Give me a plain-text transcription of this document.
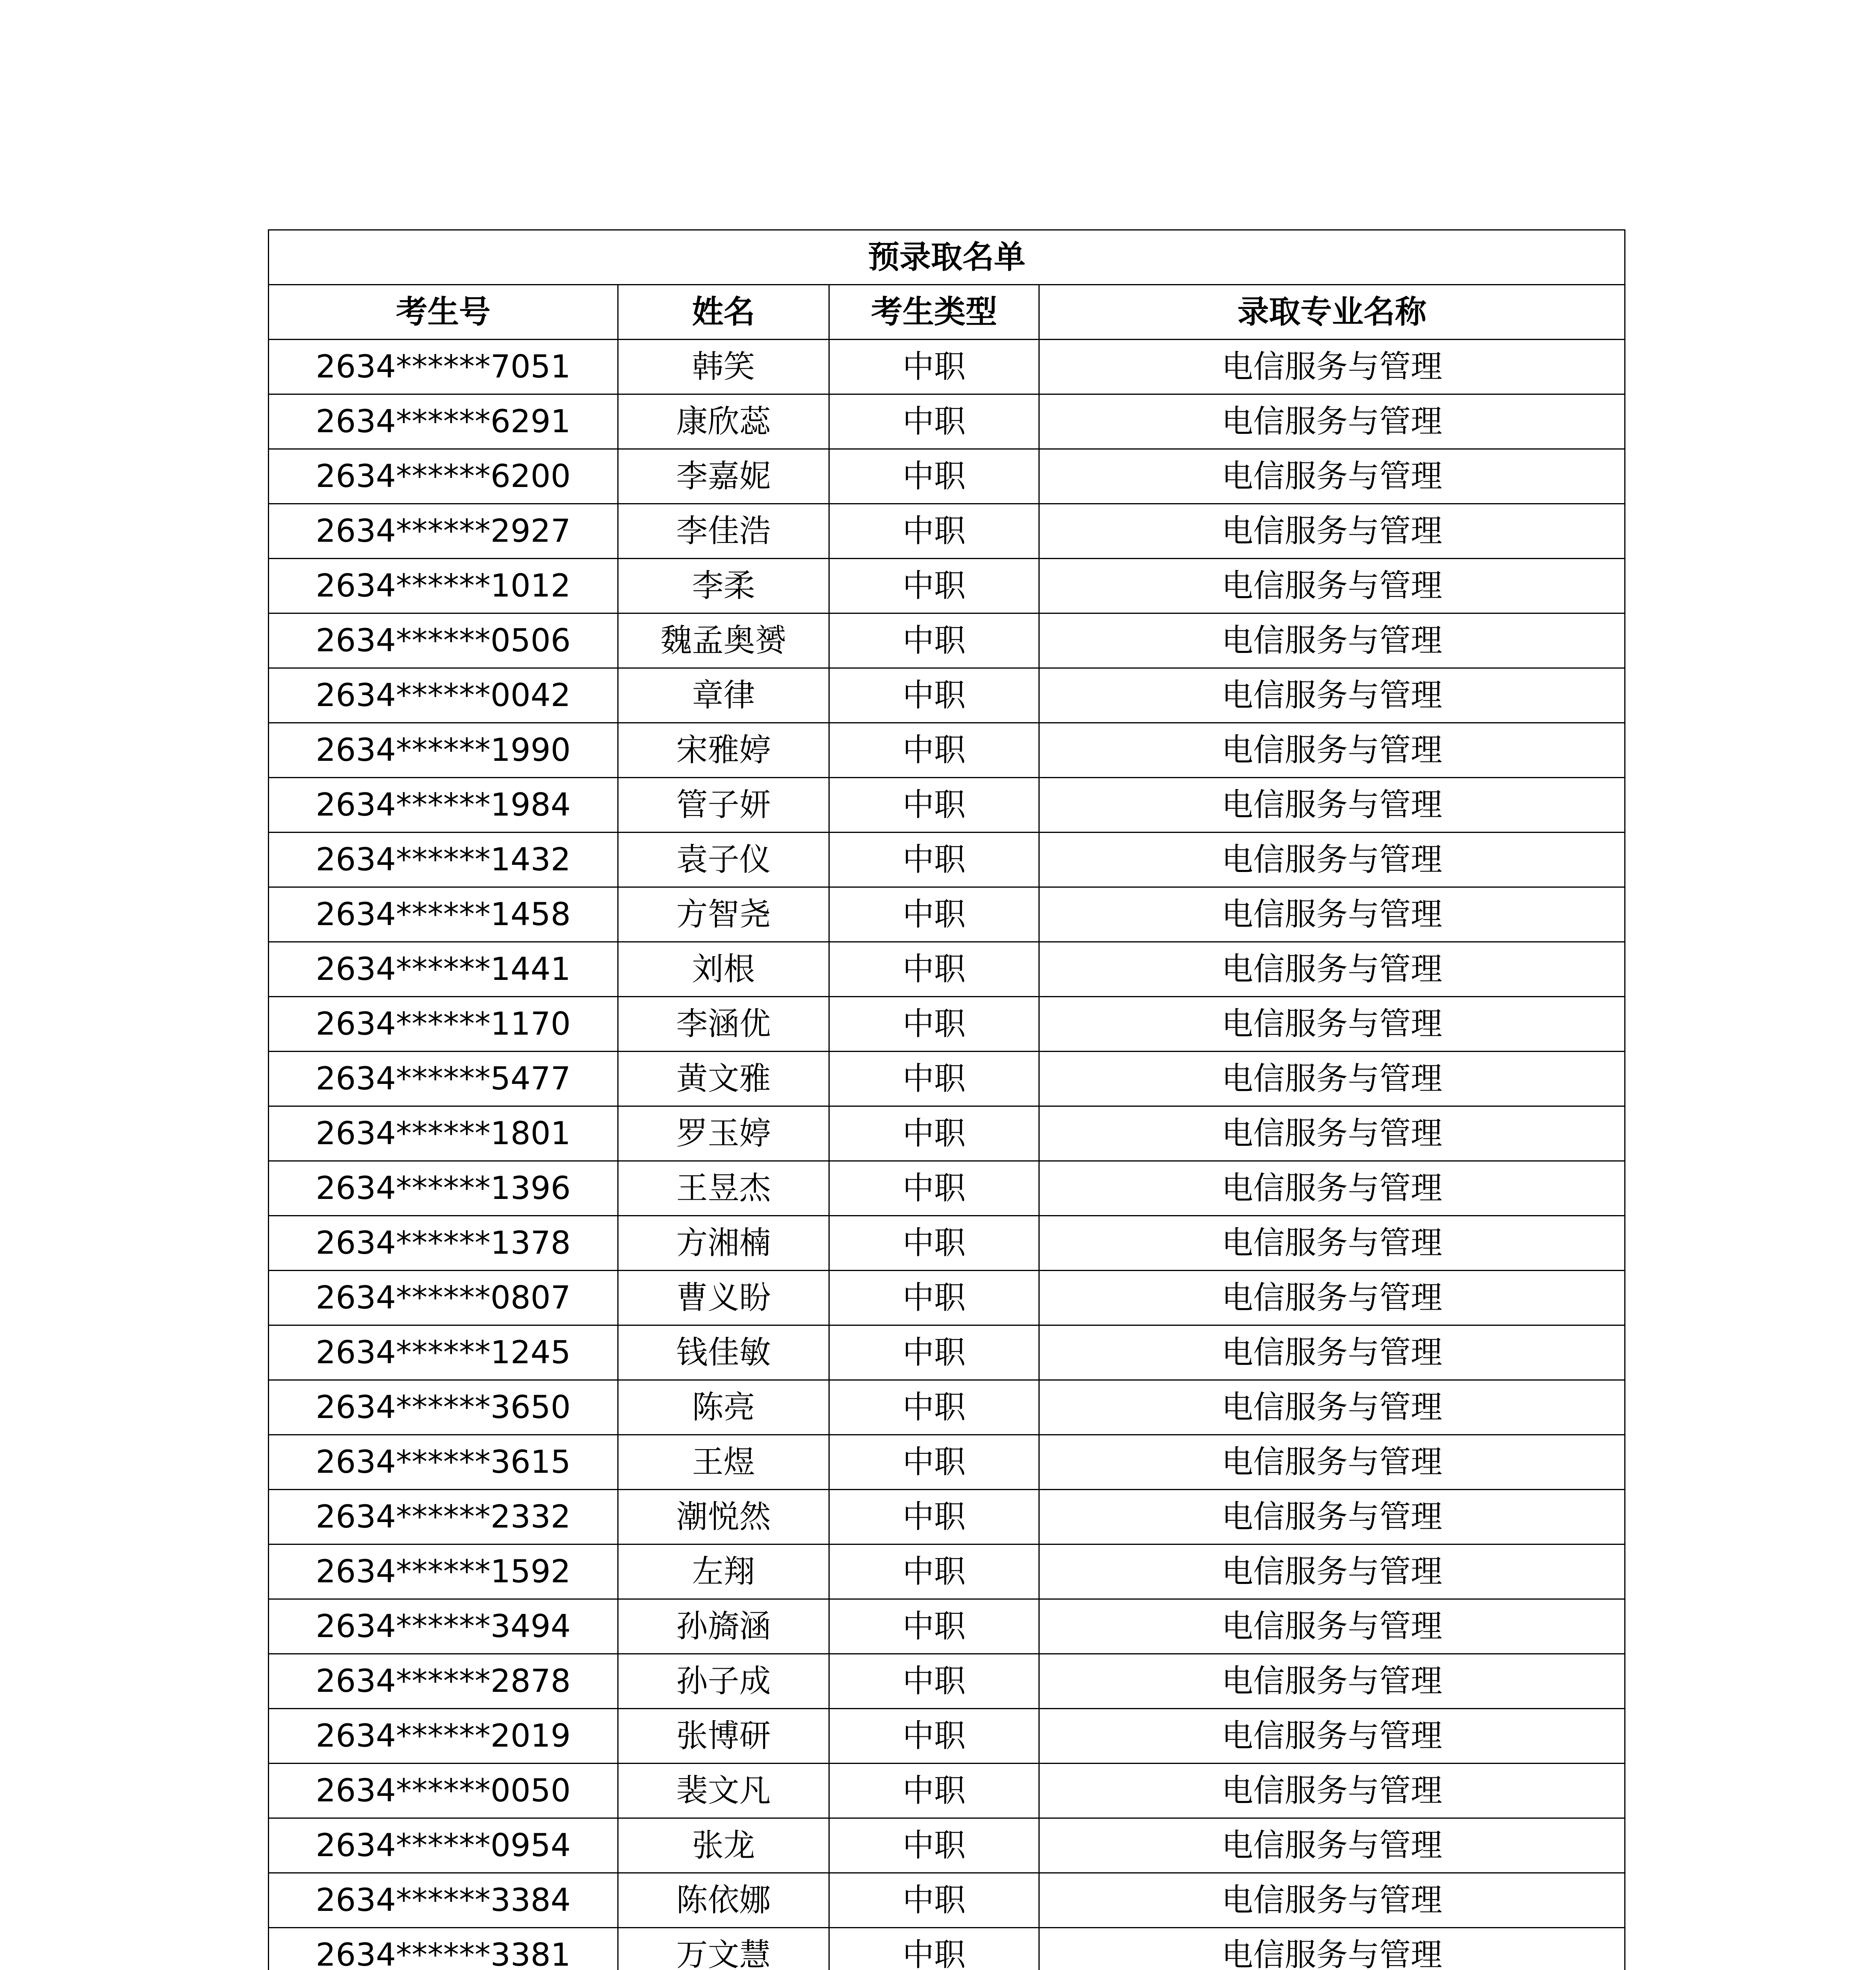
预录取名单			
考生号	姓名	考生类型	录取专业名称
2634******7051	韩笑	中职	电信服务与管理
2634******6291	康欣蕊	中职	电信服务与管理
2634******6200	李嘉妮	中职	电信服务与管理
2634******2927	李佳浩	中职	电信服务与管理
2634******1012	李柔	中职	电信服务与管理
2634******0506	魏孟奥赟	中职	电信服务与管理
2634******0042	章律	中职	电信服务与管理
2634******1990	宋雅婷	中职	电信服务与管理
2634******1984	管子妍	中职	电信服务与管理
2634******1432	袁子仪	中职	电信服务与管理
2634******1458	方智尧	中职	电信服务与管理
2634******1441	刘根	中职	电信服务与管理
2634******1170	李涵优	中职	电信服务与管理
2634******5477	黄文雅	中职	电信服务与管理
2634******1801	罗玉婷	中职	电信服务与管理
2634******1396	王昱杰	中职	电信服务与管理
2634******1378	方湘楠	中职	电信服务与管理
2634******0807	曹义盼	中职	电信服务与管理
2634******1245	钱佳敏	中职	电信服务与管理
2634******3650	陈亮	中职	电信服务与管理
2634******3615	王煜	中职	电信服务与管理
2634******2332	潮悦然	中职	电信服务与管理
2634******1592	左翔	中职	电信服务与管理
2634******3494	孙旖涵	中职	电信服务与管理
2634******2878	孙子成	中职	电信服务与管理
2634******2019	张博研	中职	电信服务与管理
2634******0050	裴文凡	中职	电信服务与管理
2634******0954	张龙	中职	电信服务与管理
2634******3384	陈依娜	中职	电信服务与管理
2634******3381	万文慧	中职	电信服务与管理
